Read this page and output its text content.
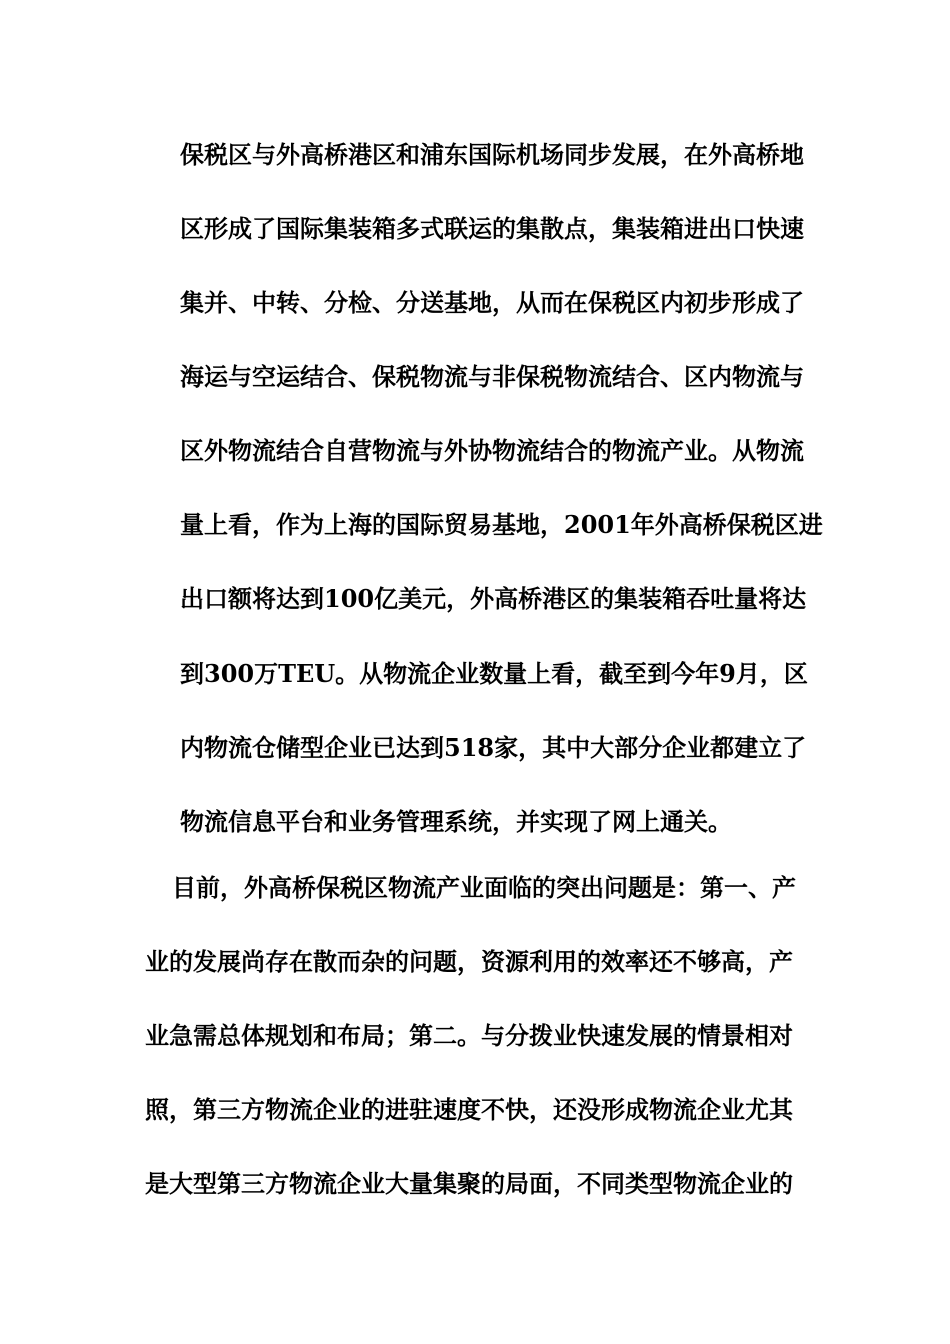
保税区与外高桥港区和浦东国际机场同步发展，在外高桥地
区形成了国际集装箱多式联运的集散点，集装箱进出口快速
集并、中转、分检、分送基地，从而在保税区内初步形成了
海运与空运结合、保税物流与非保税物流结合、区内物流与
区外物流结合自营物流与外协物流结合的物流产业。从物流
量上看，作为上海的国际贸易基地，2001年外高桥保税区进
出口额将达到100亿美元，外高桥港区的集装箱吞吐量将达
到300万TEU。从物流企业数量上看，截至到今年9月，区
内物流仓储型企业已达到518家，其中大部分企业都建立了
物流信息平台和业务管理系统，并实现了网上通关。
目前，外高桥保税区物流产业面临的突出问题是：第一、产
业的发展尚存在散而杂的问题，资源利用的效率还不够高，产
业急需总体规划和布局；第二。与分拨业快速发展的情景相对
照，第三方物流企业的进驻速度不快，还没形成物流企业尤其
是大型第三方物流企业大量集聚的局面，不同类型物流企业的
